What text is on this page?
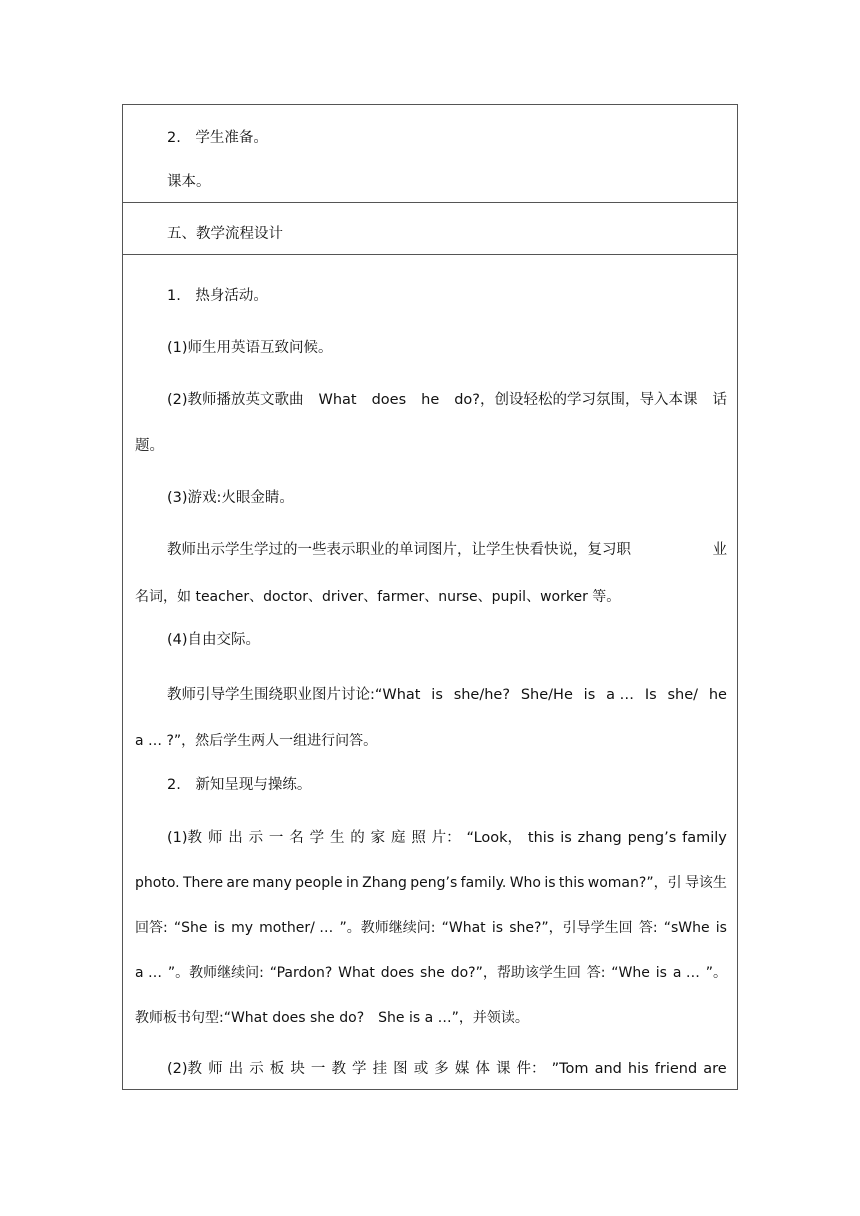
2.　学生准备。
课本。
五、教学流程设计
1.　热身活动。
(1)师生用英语互致问候。
(2)教师播放英文歌曲 What does he do?，创设轻松的学习氛围，导入本课 话
题。
(3)游戏:火眼金睛。
教师出示学生学过的一些表示职业的单词图片，让学生快看快说，复习职	业
名词，如 teacher、doctor、driver、farmer、nurse、pupil、worker 等。
(4)自由交际。
教师引导学生围绕职业图片讨论:“What is she/he? She/He is a … Is she/ he
a … ?”，然后学生两人一组进行问答。
2.　新知呈现与操练。
(1)教 师 出 示 一 名 学 生 的 家 庭 照 片： “Look， this is zhang peng’s family
photo. There are many people in Zhang peng’s family. Who is this woman?”，引 导该生
回答: “She is my mother/ … ”。教师继续问: “What is she?”，引导学生回 答: “sWhe is
a … ”。教师继续问: “Pardon? What does she do?”，帮助该学生回 答: “Whe is a … ”。
教师板书句型:“What does she do?　She is a …”，并领读。
(2)教 师 出 示 板 块 一 教 学 挂 图 或 多 媒 体 课 件： ”Tom and his friend are
